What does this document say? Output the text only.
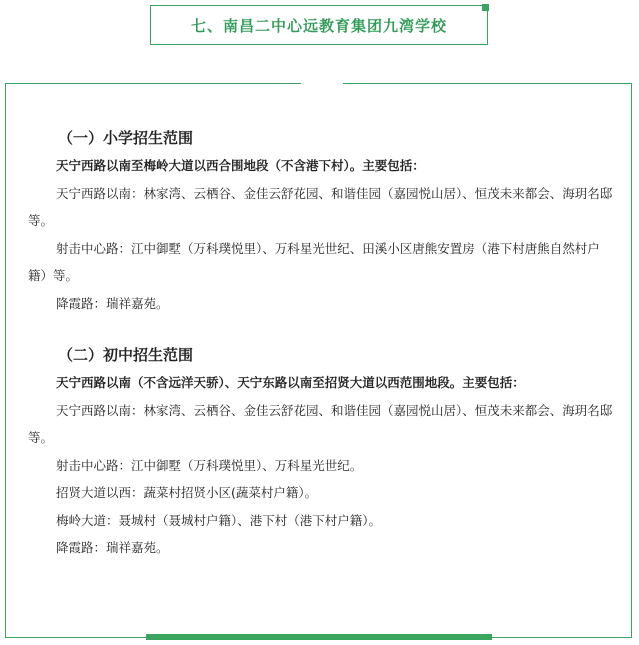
七、南昌二中心远教育集团九湾学校

（一）小学招生范围

天宁西路以南至梅岭大道以西合围地段（不含港下村）。主要包括：

天宁西路以南：林家湾、云栖谷、金佳云舒花园、和谐佳园（嘉园悦山居）、恒茂未来都会、海玥名邸等。

射击中心路：江中御墅（万科璞悦里）、万科星光世纪、田溪小区唐熊安置房（港下村唐熊自然村户籍）等。

降霞路：瑞祥嘉苑。

（二）初中招生范围

天宁西路以南（不含远洋天骄）、天宁东路以南至招贤大道以西范围地段。主要包括：

天宁西路以南：林家湾、云栖谷、金佳云舒花园、和谐佳园（嘉园悦山居）、恒茂未来都会、海玥名邸等。

射击中心路：江中御墅（万科璞悦里）、万科星光世纪。

招贤大道以西：蔬菜村招贤小区(蔬菜村户籍）。

梅岭大道：聂城村（聂城村户籍）、港下村（港下村户籍）。

降霞路：瑞祥嘉苑。
